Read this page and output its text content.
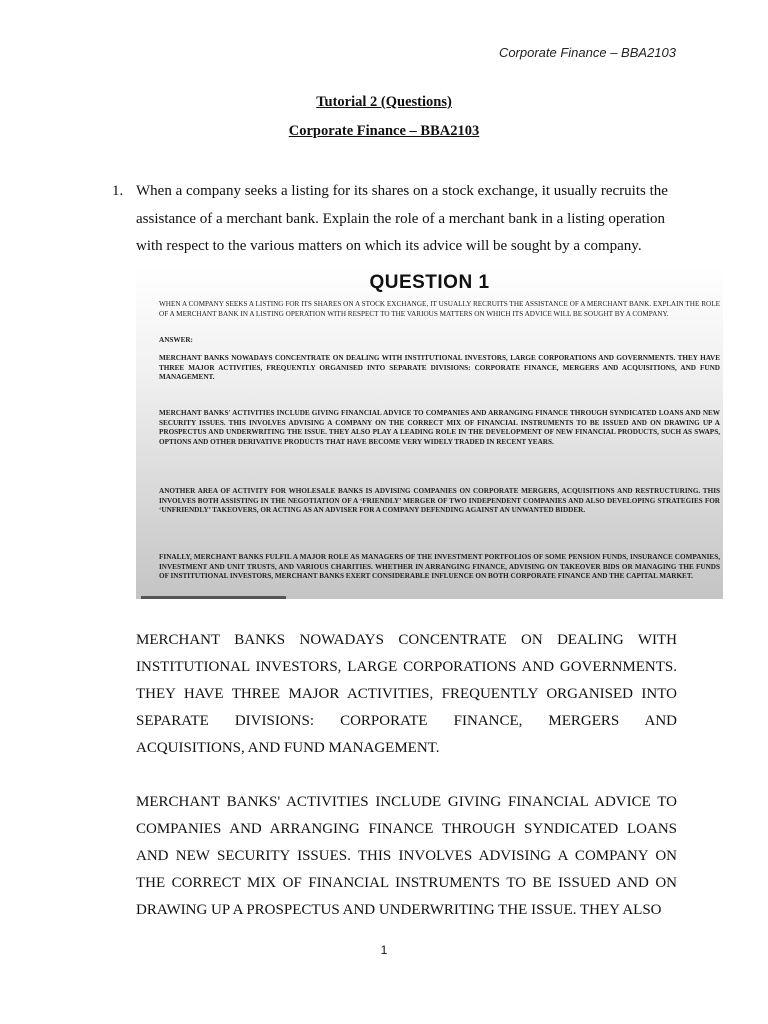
Corporate Finance – BBA2103
Tutorial 2 (Questions)
Corporate Finance – BBA2103
1. When a company seeks a listing for its shares on a stock exchange, it usually recruits the assistance of a merchant bank. Explain the role of a merchant bank in a listing operation with respect to the various matters on which its advice will be sought by a company.
QUESTION 1
WHEN A COMPANY SEEKS A LISTING FOR ITS SHARES ON A STOCK EXCHANGE, IT USUALLY RECRUITS THE ASSISTANCE OF A MERCHANT BANK. EXPLAIN THE ROLE OF A MERCHANT BANK IN A LISTING OPERATION WITH RESPECT TO THE VARIOUS MATTERS ON WHICH ITS ADVICE WILL BE SOUGHT BY A COMPANY.
ANSWER:
MERCHANT BANKS NOWADAYS CONCENTRATE ON DEALING WITH INSTITUTIONAL INVESTORS, LARGE CORPORATIONS AND GOVERNMENTS. THEY HAVE THREE MAJOR ACTIVITIES, FREQUENTLY ORGANISED INTO SEPARATE DIVISIONS: CORPORATE FINANCE, MERGERS AND ACQUISITIONS, AND FUND MANAGEMENT.
MERCHANT BANKS' ACTIVITIES INCLUDE GIVING FINANCIAL ADVICE TO COMPANIES AND ARRANGING FINANCE THROUGH SYNDICATED LOANS AND NEW SECURITY ISSUES. THIS INVOLVES ADVISING A COMPANY ON THE CORRECT MIX OF FINANCIAL INSTRUMENTS TO BE ISSUED AND ON DRAWING UP A PROSPECTUS AND UNDERWRITING THE ISSUE. THEY ALSO PLAY A LEADING ROLE IN THE DEVELOPMENT OF NEW FINANCIAL PRODUCTS, SUCH AS SWAPS, OPTIONS AND OTHER DERIVATIVE PRODUCTS THAT HAVE BECOME VERY WIDELY TRADED IN RECENT YEARS.
ANOTHER AREA OF ACTIVITY FOR WHOLESALE BANKS IS ADVISING COMPANIES ON CORPORATE MERGERS, ACQUISITIONS AND RESTRUCTURING. THIS INVOLVES BOTH ASSISTING IN THE NEGOTIATION OF A ‘FRIENDLY’ MERGER OF TWO INDEPENDENT COMPANIES AND ALSO DEVELOPING STRATEGIES FOR ‘UNFRIENDLY’ TAKEOVERS, OR ACTING AS AN ADVISER FOR A COMPANY DEFENDING AGAINST AN UNWANTED BIDDER.
FINALLY, MERCHANT BANKS FULFIL A MAJOR ROLE AS MANAGERS OF THE INVESTMENT PORTFOLIOS OF SOME PENSION FUNDS, INSURANCE COMPANIES, INVESTMENT AND UNIT TRUSTS, AND VARIOUS CHARITIES. WHETHER IN ARRANGING FINANCE, ADVISING ON TAKEOVER BIDS OR MANAGING THE FUNDS OF INSTITUTIONAL INVESTORS, MERCHANT BANKS EXERT CONSIDERABLE INFLUENCE ON BOTH CORPORATE FINANCE AND THE CAPITAL MARKET.
MERCHANT BANKS NOWADAYS CONCENTRATE ON DEALING WITH INSTITUTIONAL INVESTORS, LARGE CORPORATIONS AND GOVERNMENTS. THEY HAVE THREE MAJOR ACTIVITIES, FREQUENTLY ORGANISED INTO SEPARATE DIVISIONS: CORPORATE FINANCE, MERGERS AND ACQUISITIONS, AND FUND MANAGEMENT.
MERCHANT BANKS' ACTIVITIES INCLUDE GIVING FINANCIAL ADVICE TO COMPANIES AND ARRANGING FINANCE THROUGH SYNDICATED LOANS AND NEW SECURITY ISSUES. THIS INVOLVES ADVISING A COMPANY ON THE CORRECT MIX OF FINANCIAL INSTRUMENTS TO BE ISSUED AND ON DRAWING UP A PROSPECTUS AND UNDERWRITING THE ISSUE. THEY ALSO
1
